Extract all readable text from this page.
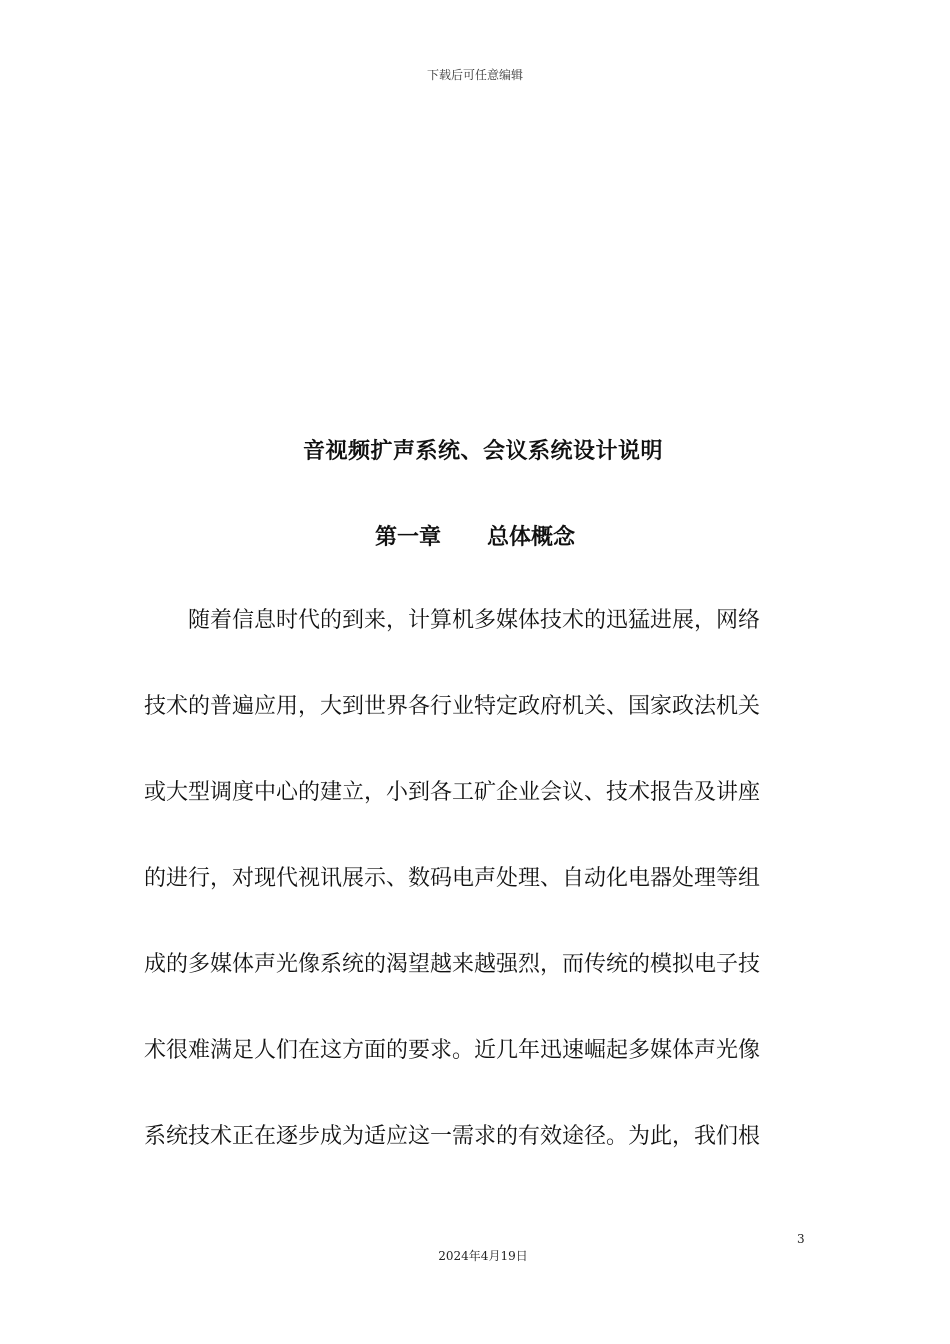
下载后可任意编辑
音视频扩声系统、会议系统设计说明
第一章 总体概念
随着信息时代的到来，计算机多媒体技术的迅猛进展，网络
技术的普遍应用，大到世界各行业特定政府机关、国家政法机关
或大型调度中心的建立，小到各工矿企业会议、技术报告及讲座
的进行，对现代视讯展示、数码电声处理、自动化电器处理等组
成的多媒体声光像系统的渴望越来越强烈，而传统的模拟电子技
术很难满足人们在这方面的要求。近几年迅速崛起多媒体声光像
系统技术正在逐步成为适应这一需求的有效途径。为此，我们根
3
2024年4月19日
